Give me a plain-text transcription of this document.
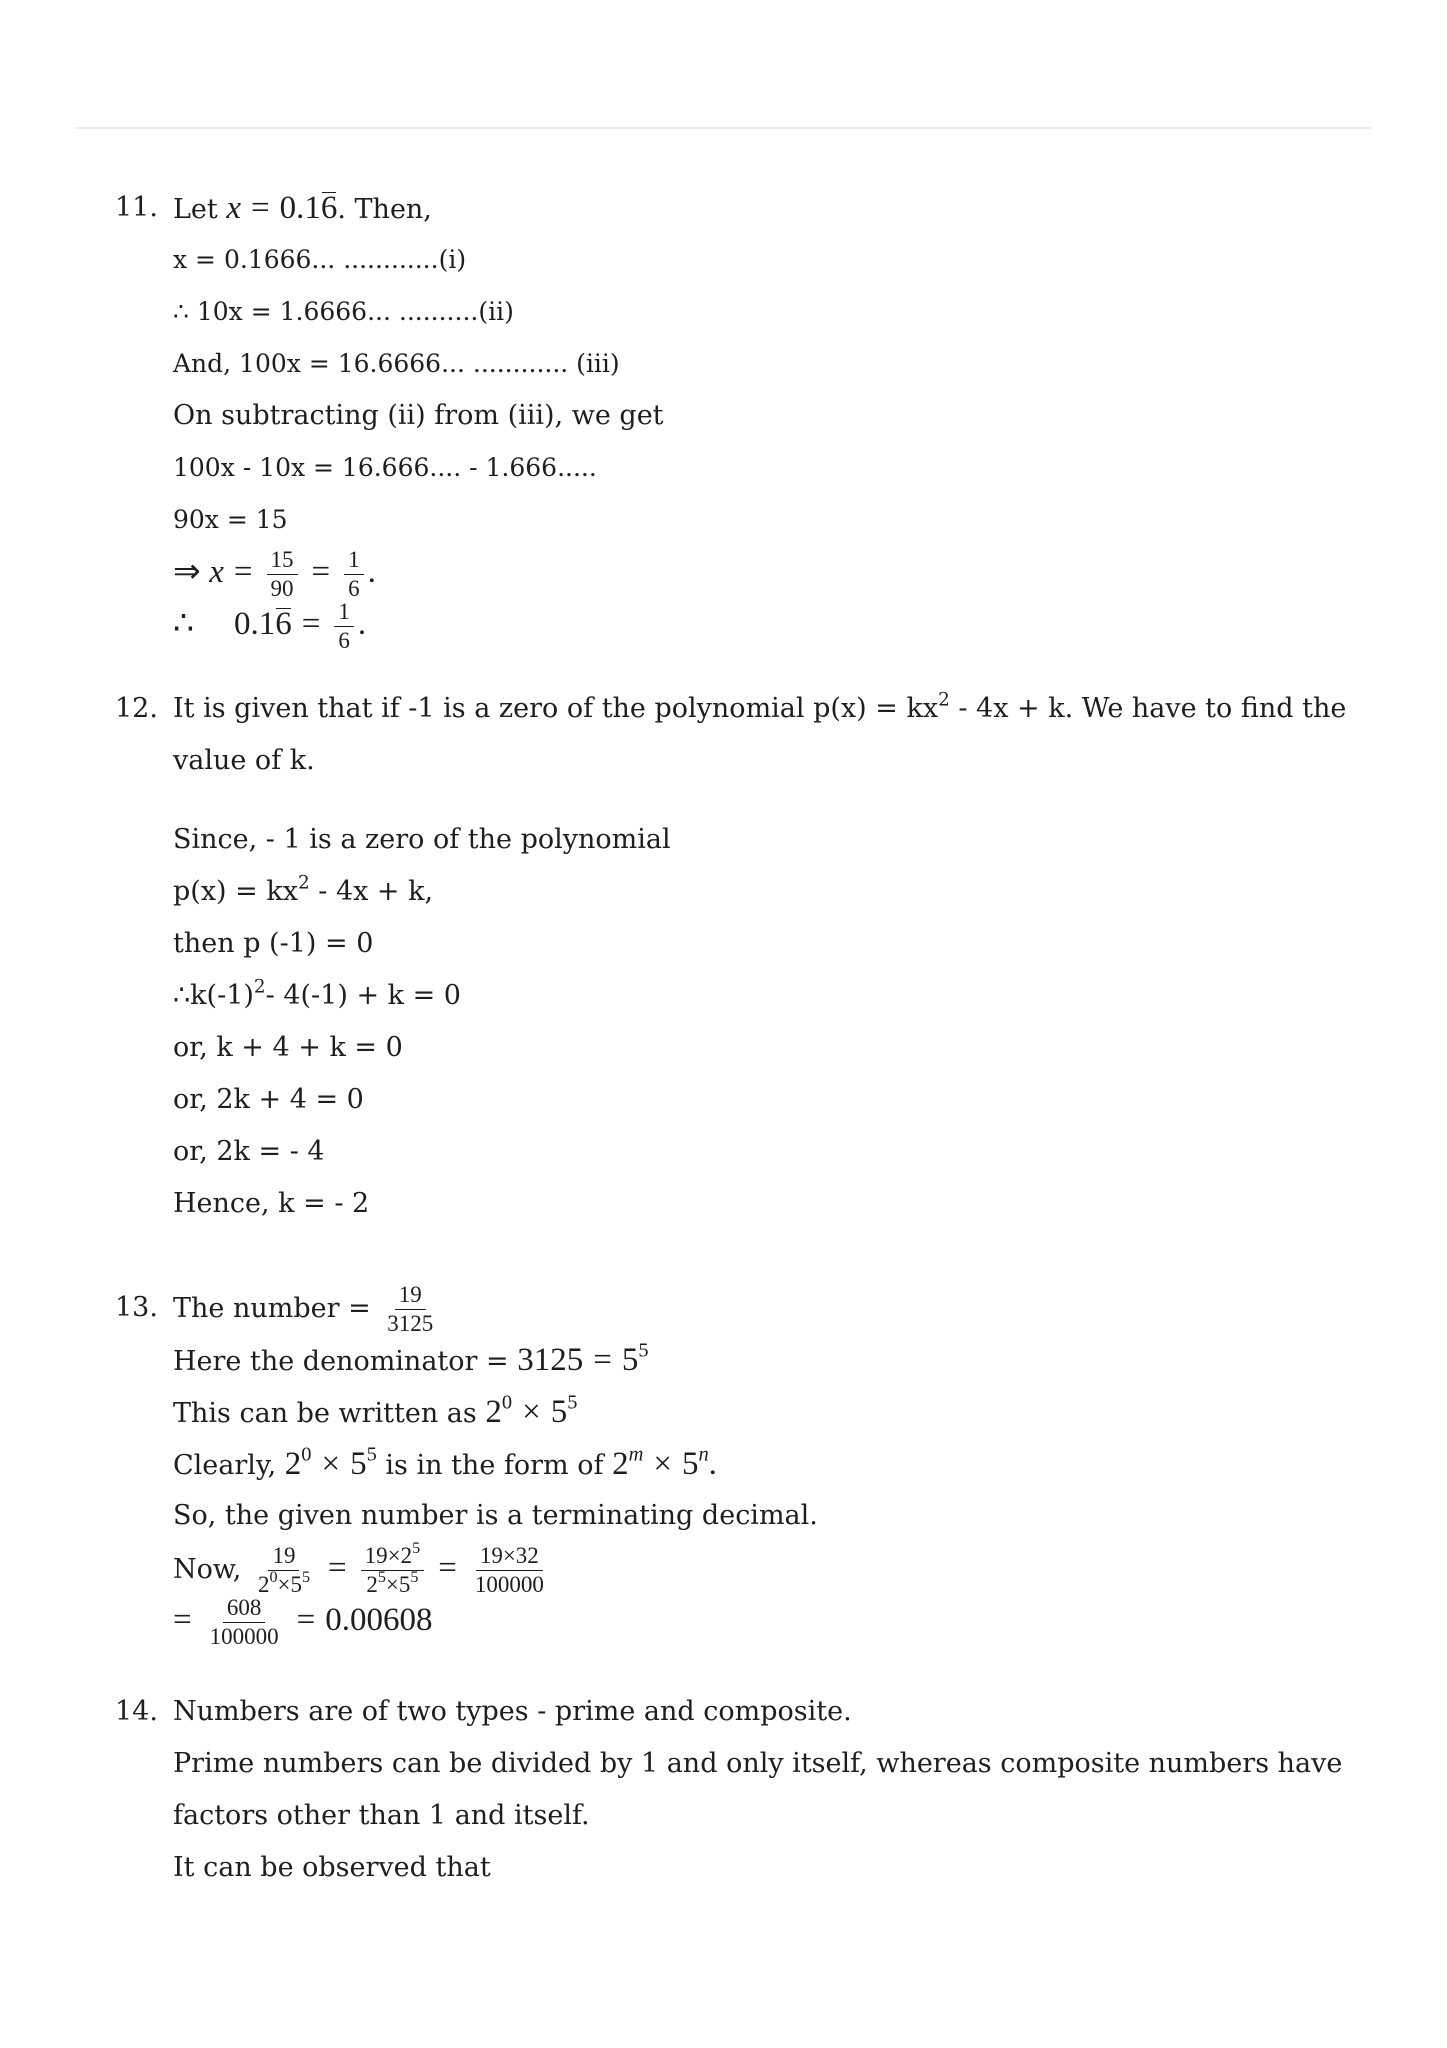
11. Let x = 0.16. Then,
x = 0.1666... ............(i)
∴ 10x = 1.6666... ..........(ii)
And, 100x = 16.6666... ............ (iii)
On subtracting (ii) from (iii), we get
100x - 10x = 16.666.... - 1.666.....
90x = 15
⇒ $x = \frac{15}{90} = \frac{1}{6}$ .
∴ $0.16 = \frac{1}{6}$ .
12. It is given that if -1 is a zero of the polynomial $p(x) = kx^2 - 4x + k$. We have to find the value of k.
Since, - 1 is a zero of the polynomial
$p(x) = kx^2 - 4x + k$,
then p (-1) = 0
$\therefore k(-1)^2-$ 4(-1) + k = 0
or, k + 4 + k = 0
or, 2k + 4 = 0
or, 2k = - 4
Hence, k = - 2
13. The number = $\frac{19}{3125}$
Here the denominator = $3125 = 5^5$
This can be written as $2^0 \times 5^5$
Clearly, $2^0 \times 5^5$ is in the form of $2^m \times 5^n$.
So, the given number is a terminating decimal.
Now, $\frac{19}{2^0\times 5^5} = \frac{19\times 2^5}{2^5\times 5^5} = \frac{19\times 32}{100000}$
= $\frac{608}{100000} = 0.00608$
14. Numbers are of two types - prime and composite.
Prime numbers can be divided by 1 and only itself, whereas composite numbers have factors other than 1 and itself.
It can be observed that
